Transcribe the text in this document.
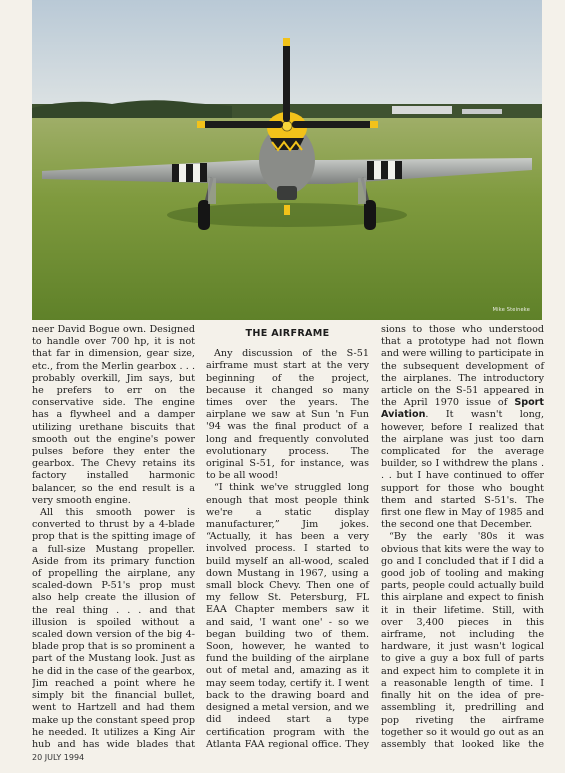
Mike Steineke

neer David Bogue own. Designed to handle over 700 hp, it is not that far in dimension, gear size, etc., from the Merlin gearbox . . . probably overkill, Jim says, but he prefers to err on the conservative side. The engine has a flywheel and a damper utilizing urethane biscuits that smooth out the engine's power pulses before they enter the gearbox. The Chevy retains its factory installed harmonic balancer, so the end result is a very smooth engine.

All this smooth power is converted to thrust by a 4-blade prop that is the spitting image of a full-size Mustang propeller. Aside from its primary function of propelling the airplane, any scaled-down P-51's prop must also help create the illusion of the real thing . . . and that illusion is spoiled without a scaled down version of the big 4-blade prop that is so prominent a part of the Mustang look. Just as he did in the case of the gearbox, Jim reached a point where he simply bit the financial bullet, went to Hartzell and had them make up the constant speed prop he needed. It utilizes a King Air hub and has wide blades that

THE AIRFRAME

Any discussion of the S-51 airframe must start at the very beginning of the project, because it changed so many times over the years. The airplane we saw at Sun 'n Fun '94 was the final product of a long and frequently convoluted evolutionary process. The original S-51, for instance, was to be all wood!

“I think we've struggled long enough that most people think we're a static display manufacturer,” Jim jokes. “Actually, it has been a very involved process. I started to build myself an all-wood, scaled down Mustang in 1967, using a small block Chevy. Then one of my fellow St. Petersburg, FL EAA Chapter members saw it and said, 'I want one' - so we began building two of them. Soon, however, he wanted to fund the building of the airplane out of metal and, amazing as it may seem today, certify it. I went back to the drawing board and designed a metal version, and we did indeed start a type certification program with the Atlanta FAA regional office. They

sions to those who understood that a prototype had not flown and were willing to participate in the subsequent development of the airplanes. The introductory article on the S-51 appeared in the April 1970 issue of Sport Aviation. It wasn't long, however, before I realized that the airplane was just too darn complicated for the average builder, so I withdrew the plans . . . but I have continued to offer support for those who bought them and started S-51's. The first one flew in May of 1985 and the second one that December.

“By the early '80s it was obvious that kits were the way to go and I concluded that if I did a good job of tooling and making parts, people could actually build this airplane and expect to finish it in their lifetime. Still, with over 3,400 pieces in this airframe, not including the hardware, it just wasn't logical to give a guy a box full of parts and expect him to complete it in a reasonable length of time. I finally hit on the idea of pre-assembling it, predrilling and pop riveting the airframe together so it would go out as an assembly that looked like the

20 JULY 1994
